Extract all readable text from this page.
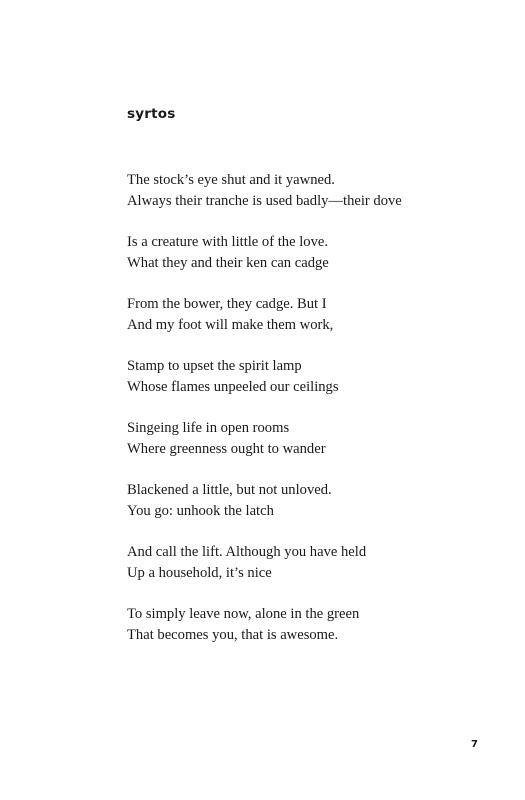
syrtos
The stock’s eye shut and it yawned.
Always their tranche is used badly—their dove
Is a creature with little of the love.
What they and their ken can cadge
From the bower, they cadge. But I
And my foot will make them work,
Stamp to upset the spirit lamp
Whose flames unpeeled our ceilings
Singeing life in open rooms
Where greenness ought to wander
Blackened a little, but not unloved.
You go: unhook the latch
And call the lift. Although you have held
Up a household, it’s nice
To simply leave now, alone in the green
That becomes you, that is awesome.
7
